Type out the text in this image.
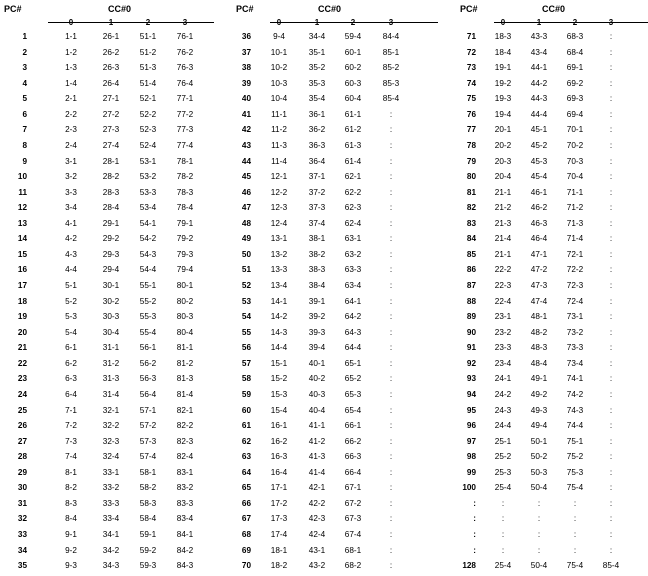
PC#	CC#0
0	1	2	3
1	1-1	26-1	51-1	76-1
2	1-2	26-2	51-2	76-2
3	1-3	26-3	51-3	76-3
4	1-4	26-4	51-4	76-4
5	2-1	27-1	52-1	77-1
6	2-2	27-2	52-2	77-2
7	2-3	27-3	52-3	77-3
8	2-4	27-4	52-4	77-4
9	3-1	28-1	53-1	78-1
10	3-2	28-2	53-2	78-2
11	3-3	28-3	53-3	78-3
12	3-4	28-4	53-4	78-4
13	4-1	29-1	54-1	79-1
14	4-2	29-2	54-2	79-2
15	4-3	29-3	54-3	79-3
16	4-4	29-4	54-4	79-4
17	5-1	30-1	55-1	80-1
18	5-2	30-2	55-2	80-2
19	5-3	30-3	55-3	80-3
20	5-4	30-4	55-4	80-4
21	6-1	31-1	56-1	81-1
22	6-2	31-2	56-2	81-2
23	6-3	31-3	56-3	81-3
24	6-4	31-4	56-4	81-4
25	7-1	32-1	57-1	82-1
26	7-2	32-2	57-2	82-2
27	7-3	32-3	57-3	82-3
28	7-4	32-4	57-4	82-4
29	8-1	33-1	58-1	83-1
30	8-2	33-2	58-2	83-2
31	8-3	33-3	58-3	83-3
32	8-4	33-4	58-4	83-4
33	9-1	34-1	59-1	84-1
34	9-2	34-2	59-2	84-2
35	9-3	34-3	59-3	84-3
PC#	CC#0
0	1	2	3
36	9-4	34-4	59-4	84-4
37	10-1	35-1	60-1	85-1
38	10-2	35-2	60-2	85-2
39	10-3	35-3	60-3	85-3
40	10-4	35-4	60-4	85-4
41	11-1	36-1	61-1	:
42	11-2	36-2	61-2	:
43	11-3	36-3	61-3	:
44	11-4	36-4	61-4	:
45	12-1	37-1	62-1	:
46	12-2	37-2	62-2	:
47	12-3	37-3	62-3	:
48	12-4	37-4	62-4	:
49	13-1	38-1	63-1	:
50	13-2	38-2	63-2	:
51	13-3	38-3	63-3	:
52	13-4	38-4	63-4	:
53	14-1	39-1	64-1	:
54	14-2	39-2	64-2	:
55	14-3	39-3	64-3	:
56	14-4	39-4	64-4	:
57	15-1	40-1	65-1	:
58	15-2	40-2	65-2	:
59	15-3	40-3	65-3	:
60	15-4	40-4	65-4	:
61	16-1	41-1	66-1	:
62	16-2	41-2	66-2	:
63	16-3	41-3	66-3	:
64	16-4	41-4	66-4	:
65	17-1	42-1	67-1	:
66	17-2	42-2	67-2	:
67	17-3	42-3	67-3	:
68	17-4	42-4	67-4	:
69	18-1	43-1	68-1	:
70	18-2	43-2	68-2	:
PC#	CC#0
0	1	2	3
71	18-3	43-3	68-3	:
72	18-4	43-4	68-4	:
73	19-1	44-1	69-1	:
74	19-2	44-2	69-2	:
75	19-3	44-3	69-3	:
76	19-4	44-4	69-4	:
77	20-1	45-1	70-1	:
78	20-2	45-2	70-2	:
79	20-3	45-3	70-3	:
80	20-4	45-4	70-4	:
81	21-1	46-1	71-1	:
82	21-2	46-2	71-2	:
83	21-3	46-3	71-3	:
84	21-4	46-4	71-4	:
85	21-1	47-1	72-1	:
86	22-2	47-2	72-2	:
87	22-3	47-3	72-3	:
88	22-4	47-4	72-4	:
89	23-1	48-1	73-1	:
90	23-2	48-2	73-2	:
91	23-3	48-3	73-3	:
92	23-4	48-4	73-4	:
93	24-1	49-1	74-1	:
94	24-2	49-2	74-2	:
95	24-3	49-3	74-3	:
96	24-4	49-4	74-4	:
97	25-1	50-1	75-1	:
98	25-2	50-2	75-2	:
99	25-3	50-3	75-3	:
100	25-4	50-4	75-4	:
:	:	:	:	:
:	:	:	:	:
:	:	:	:	:
:	:	:	:	:
128	25-4	50-4	75-4	85-4
